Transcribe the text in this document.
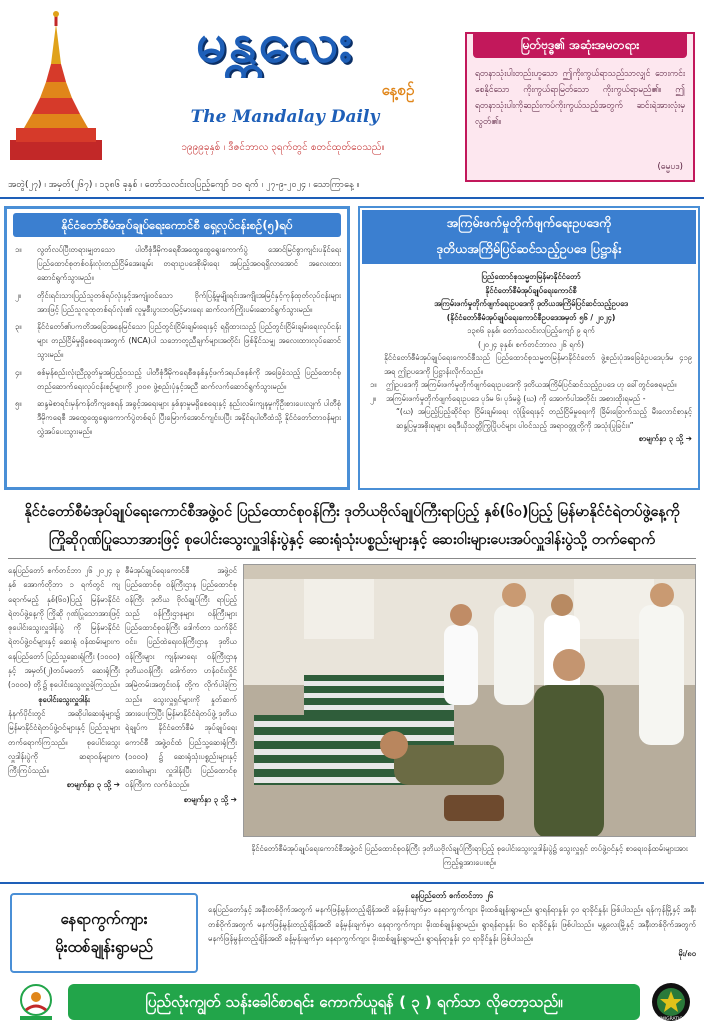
မန္တလေး
နေ့စဉ်
The Mandalay Daily
၁၉၉၉ခုနှစ် ၊ ဒီဇင်ဘာလ ၃ရက်တွင် စတင်ထုတ်ဝေသည်။
မြတ်ဗုဒ္ဓ၏ အဆုံးအမတရား
ရတနာသုံးပါးတည်းဟူသော ဤကိုးကွယ်ရာသည်သာလျှင် ဘေးကင်းစေနိုင်သော ကိုးကွယ်ရာမြတ်သော ကိုးကွယ်ရာမည်၏။ ဤရတနာသုံးပါးကိုဆည်းကပ်ကိုးကွယ်သည့်အတွက် ဆင်းရဲအားလုံးမှလွတ်၏။
(ဓမ္မပဒ)
အတွဲ(၂၇) ၊ အမှတ်(၂၆၇) ၊ ၁၃၈၆ ခုနှစ် ၊ တော်သလင်းလပြည့်ကျော် ၁၀ ရက် ၊ ၂၇-၉-၂၀၂၄ ၊ သောကြာနေ့ ။
နိုင်ငံတော်စီမံအုပ်ချုပ်ရေးကောင်စီ ရှေ့လုပ်ငန်းစဉ်(၅)ရပ်
၁။	လွတ်လပ်ပြီးတရားမျှတသော ပါတီစုံဒီမိုကရေစီအထွေထွေရွေးကောက်ပွဲ အောင်မြင်စွာကျင်းပနိုင်ရေး ပြည်ထောင်စုတစ်ဝန်းလုံးတည်ငြိမ်အေးချမ်း တရားဥပဒေစိုးမိုးရေး အပြည့်အဝရရှိလာအောင် အလေးထားဆောင်ရွက်သွားမည်။
၂။	တိုင်းရင်းသားပြည်သူတစ်ရပ်လုံးနှင့်အကျုံးဝင်သော ဗိုက်ပြန့်မှုမျိုးရင်းအကျိုးအမြင်နှင့်ကုန်ထုတ်လုပ်ငန်းများအားဖြင့် ပြည်သူလူထုတစ်ရပ်လုံး၏ လူမှုစီးပွားဘဝမြင့်မားရေး ဆက်လက်ကြိုးပမ်းဆောင်ရွက်သွားမည်။
၃။	နိုင်ငံတော်၏ပကတိအခြေအနေမြင်သော ပြည်တွင်းငြိမ်းချမ်းရေးနှင့် ရရှိထားသည့် ပြည်တွင်းငြိမ်းချမ်းရေးလုပ်ငန်းများ တည်ငြိမ်မှုရှိစေရေးအတွက် (NCA)ပါ သဘောတူညီချက်များအတိုင်း ဖြစ်နိုင်သမျှ အလေးထားလုပ်ဆောင်သွားမည်။
၄။	စစ်မှန်စည်းလုံးညီညွတ်မှုအပြည့်ဝသည့် ပါတီစုံဒီမိုကရေစီစနစ်နှင့်ဖက်ဒရယ်စနစ်ကို အခြေခံသည့် ပြည်ထောင်စုတည်ဆောက်ရေးလုပ်ငန်းစဉ်များကို ၂၀၀၈ ဖွဲ့စည်းပုံနှင့်အညီ ဆက်လက်ဆောင်ရွက်သွားမည်။
၅။	ဆန္ဒမဲစာရင်းမှန်ကန်တိကျစေရန် အခွင့်အရေးများ နှစ်နာမှုမရှိစေရေးနှင့် နည်းလမ်းကျနမှုကိုဦးစားပေးလျက် ပါတီစုံဒီမိုကရေစီ အထွေထွေရွေးကောက်ပွဲတစ်ရပ် ပြီးမြောက်အောင်ကျင်းပပြီး အနိုင်ရပါတီထံသို့ နိုင်ငံတော်တာဝန်များ လွှဲအပ်ပေးသွားမည်။
အကြမ်းဖက်မှုတိုက်ဖျက်ရေးဥပဒေကို
ဒုတိယအကြိမ်ပြင်ဆင်သည့်ဥပဒေ ပြဋ္ဌာန်း
ပြည်ထောင်စုသမ္မတမြန်မာနိုင်ငံတော်
နိုင်ငံတော်စီမံအုပ်ချုပ်ရေးကောင်စီ
အကြမ်းဖက်မှုတိုက်ဖျက်ရေးဥပဒေကို ဒုတိယအကြိမ်ပြင်ဆင်သည့်ဥပဒေ
(နိုင်ငံတော်စီမံအုပ်ချုပ်ရေးကောင်စီဥပဒေအမှတ် ၅၆ / ၂၀၂၄)
၁၃၈၆ ခုနှစ်၊ တော်သလင်းလပြည့်ကျော် ၉ ရက်
(၂၀၂၄ ခုနှစ်၊ စက်တင်ဘာလ ၂၆ ရက်)
နိုင်ငံတော်စီမံအုပ်ချုပ်ရေးကောင်စီသည် ပြည်ထောင်စုသမ္မတမြန်မာနိုင်ငံတော် ဖွဲ့စည်းပုံအခြေခံဥပဒေပုဒ်မ ၄၁၉ အရ ဤဥပဒေကို ပြဋ္ဌာန်းလိုက်သည်။
၁။	ဤဥပဒေကို အကြမ်းဖက်မှုတိုက်ဖျက်ရေးဥပဒေကို ဒုတိယအကြိမ်ပြင်ဆင်သည့်ဥပဒေ ဟု ခေါ်တွင်စေရမည်။
၂။	အကြမ်းဖက်မှုတိုက်ဖျက်ရေးဥပဒေ ပုဒ်မ ၆၊ ပုဒ်မခွဲ (ဃ) ကို အောက်ပါအတိုင်း အစားထိုးရမည် -
“(ဃ) အပြည့်ပြည့်ဆိုင်ရာ ငြိမ်းချမ်းရေး လုံခြုံရေးနှင့် တည်ငြိမ်မှုရေးကို ခြိမ်းခြောက်သည့် မီးလောင်စာနှင့် ဆန္ဒပြမှုအစိုးရများ ရေဒီယိုသတ္တိကြွပြိုပင်များ ပါဝင်သည့် အရာဝတ္ထုတို့ကို အသုံးပြုခြင်း။”
စာမျက်နှာ ၃ သို့ ➔
နိုင်ငံတော်စီမံအုပ်ချုပ်ရေးကောင်စီအဖွဲ့ဝင် ပြည်ထောင်စုဝန်ကြီး ဒုတိယဗိုလ်ချုပ်ကြီးရာပြည့် နှစ်(၆၀)ပြည့် မြန်မာနိုင်ငံရဲတပ်ဖွဲ့နေ့ကို
ကြိုဆိုဂုဏ်ပြုသောအားဖြင့် စုပေါင်းသွေးလှူဒါန်းပွဲနှင့် ဆေးရုံသုံးပစ္စည်းများနှင့် ဆေးဝါးများပေးအပ်လှူဒါန်းပွဲသို့ တက်ရောက်

နေပြည်တော် စက်တင်ဘာ ၂၆ ၂၀၂၄ ခုနှစ် အောက်တိုဘာ ၁ ရက်တွင် ကျရောက်မည့် နှစ်(၆၀)ပြည့် မြန်မာနိုင်ငံရဲတပ်ဖွဲ့နေ့ကို ကြိုဆို ဂုဏ်ပြုသောအားဖြင့် စုပေါင်းသွေးလှူဒါန်းပွဲ ကို မြန်မာနိုင်ငံ ရဲတပ်ဖွဲ့ဝင်များနှင့် ဆေးရုံ ဝန်ထမ်းများက နေပြည်တော် ပြည်သူ့ဆေးရုံကြီး (၁၀၀၀) နှင့် အမှတ်(၂)တပ်မတော် ဆေးရုံကြီး (၁၀၀၀) တို့၌ စုပေါင်းသွေးလှူခဲ့ကြသည်။

စုပေါင်းသွေးလှူဒါန်း

နံနက်ပိုင်းတွင် အဆိုပါဆေးရုံများ၌ မြန်မာနိုင်ငံရဲတပ်ဖွဲ့ဝင်များနှင့် ပြည်သူများ တက်ရောက်ကြသည်။ စုပေါင်းသွေးလှူဒါန်းပွဲကို ဆရာဝန်များက ကြီးကြပ်သည်။

စာမျက်နှာ ၃ သို့ ➔

စီမံအုပ်ချုပ်ရေးကောင်စီ အဖွဲ့ဝင် ပြည်ထောင်စု ဝန်ကြီးဌာန ပြည်ထောင်စုဝန်ကြီး ဒုတိယ ဗိုလ်ချုပ်ကြီး ရာပြည့် သည် ဝန်ကြီးဌာနများ ဝန်ကြီးများ ပြည်ထောင်စုဝန်ကြီး ဒေါက်တာ သက်ခိုင်ဝင်း၊ ပြည်ထဲရေးဝန်ကြီးဌာန ဒုတိယဝန်ကြီးများ ကျန်းမာရေး ဝန်ကြီးဌာန ဒုတိယဝန်ကြီး ဒေါက်တာ ဟန်ဝင်းလှိုင် အမြဲတမ်းအတွင်းဝန် တို့က လိုက်ပါခဲ့ကြသည်။ သွေးလှူရှင်များကို နှုတ်ဆက် အားပေးကြပြီး မြန်မာနိုင်ငံရဲတပ်ဖွဲ့ ဒုတိယ ရဲချုပ်က နိုင်ငံတော်စီမံ အုပ်ချုပ်ရေးကောင်စီ အဖွဲ့ဝင်ထံ ပြည်သူ့ဆေးရုံကြီး (၁၀၀၀) ၌ ဆေးရုံသုံးပစ္စည်းများနှင့် ဆေးဝါးများ လှူဒါန်းပြီး ပြည်ထောင်စုဝန်ကြီးက လက်ခံသည်။

စာမျက်နှာ ၃ သို့ ➔

နိုင်ငံတော်စီမံအုပ်ချုပ်ရေးကောင်စီအဖွဲ့ဝင် ပြည်ထောင်စုဝန်ကြီး ဒုတိယဗိုလ်ချုပ်ကြီးရာပြည့် စုပေါင်းသွေးလှူဒါန်းပွဲ၌ သွေးလှူရှင် တပ်ဖွဲ့ဝင်နှင့် စာရေးဝန်ထမ်းများအား ကြည့်ရှုအားပေးစဉ်။
နေရာကွက်ကျား
မိုးထစ်ချုန်းရွာမည်
နေပြည်တော် စက်တင်ဘာ ၂၆
နေပြည်တော်နှင့် အနီးတစ်ဝိုက်အတွက် မနက်ဖြန်မွန်းတည့်ချိန်အထိ ခန့်မှန်းချက်မှာ နေရာကွက်ကျား မိုးထစ်ချုန်းရွာမည်။ ရွာရန်ရာနှုန်း ၄၀ ရာခိုင်နှုန်း ဖြစ်ပါသည်။ ရန်ကုန်မြို့နှင့် အနီးတစ်ဝိုက်အတွက် မနက်ဖြန်မွန်းတည့်ချိန်အထိ ခန့်မှန်းချက်မှာ နေရာကွက်ကျား မိုးထစ်ချုန်းရွာမည်။ ရွာရန်ရာနှုန်း ၆၀ ရာခိုင်နှုန်း ဖြစ်ပါသည်။ မန္တလေးမြို့နှင့် အနီးတစ်ဝိုက်အတွက် မနက်ဖြန်မွန်းတည့်ချိန်အထိ ခန့်မှန်းချက်မှာ နေရာကွက်ကျား မိုးထစ်ချုန်းရွာမည်။ ရွာရန်ရာနှုန်း ၄၀ ရာခိုင်နှုန်း ဖြစ်ပါသည်။
မိုး/၈၀
ပြည်လုံးကျွတ် သန်းခေါင်စာရင်း ကောက်ယူရန် ( ၃ ) ရက်သာ လိုတော့သည်။
IMMIGRATION
